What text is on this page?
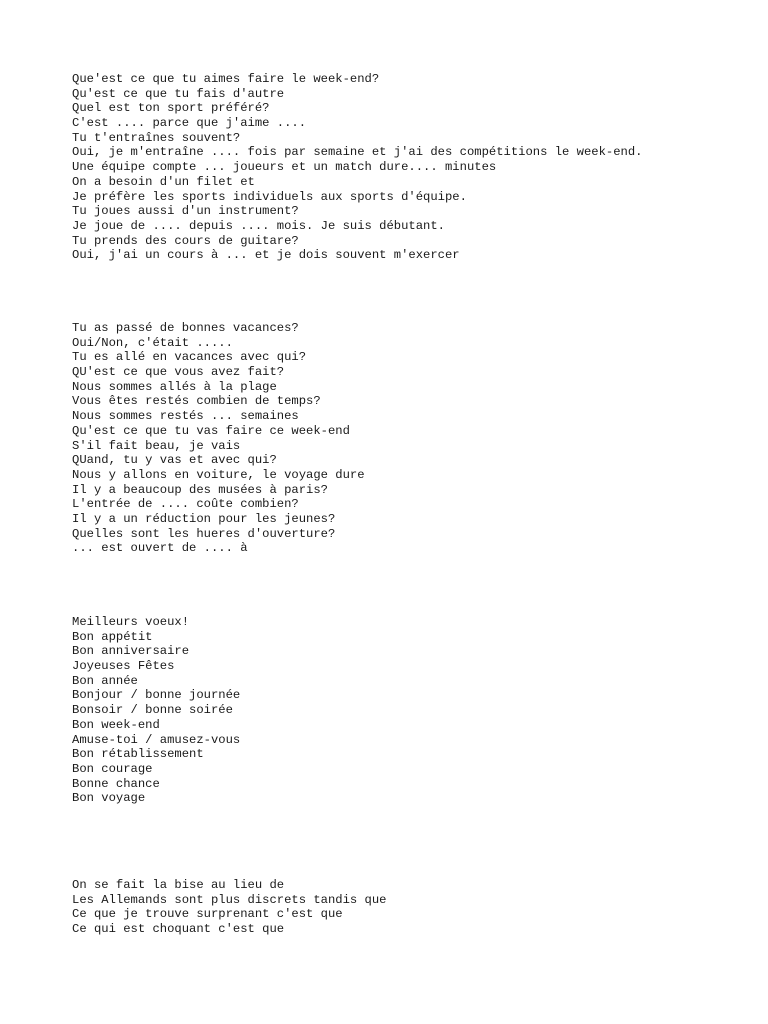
Que'est ce que tu aimes faire le week-end?
Qu'est ce que tu fais d'autre
Quel est ton sport préféré?
C'est .... parce que j'aime ....
Tu t'entraînes souvent?
Oui, je m'entraîne .... fois par semaine et j'ai des compétitions le week-end.
Une équipe compte ... joueurs et un match dure.... minutes
On a besoin d'un filet et
Je préfère les sports individuels aux sports d'équipe.
Tu joues aussi d'un instrument?
Je joue de .... depuis .... mois. Je suis débutant.
Tu prends des cours de guitare?
Oui, j'ai un cours à ... et je dois souvent m'exercer
Tu as passé de bonnes vacances?
Oui/Non, c'était .....
Tu es allé en vacances avec qui?
QU'est ce que vous avez fait?
Nous sommes allés à la plage
Vous êtes restés combien de temps?
Nous sommes restés ... semaines
Qu'est ce que tu vas faire ce week-end
S'il fait beau, je vais
QUand, tu y vas et avec qui?
Nous y allons en voiture, le voyage dure
Il y a beaucoup des musées à paris?
L'entrée de .... coûte combien?
Il y a un réduction pour les jeunes?
Quelles sont les hueres d'ouverture?
... est ouvert de .... à
Meilleurs voeux!
Bon appétit
Bon anniversaire
Joyeuses Fêtes
Bon année
Bonjour / bonne journée
Bonsoir / bonne soirée
Bon week-end
Amuse-toi / amusez-vous
Bon rétablissement
Bon courage
Bonne chance
Bon voyage
On se fait la bise au lieu de
Les Allemands sont plus discrets tandis que
Ce que je trouve surprenant c'est que
Ce qui est choquant c'est que
